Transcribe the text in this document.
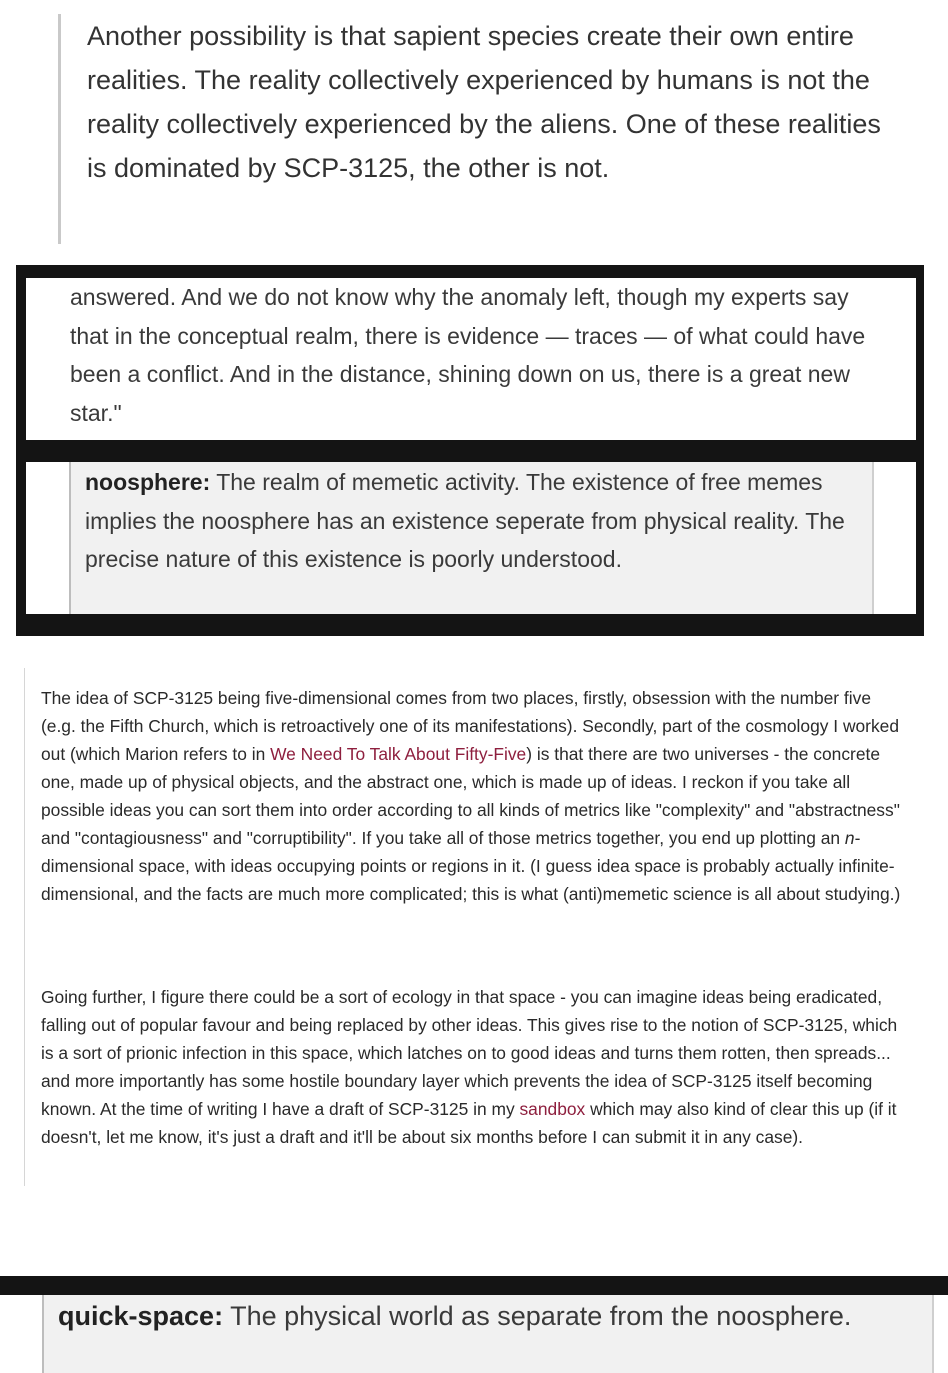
Another possibility is that sapient species create their own entire realities. The reality collectively experienced by humans is not the reality collectively experienced by the aliens. One of these realities is dominated by SCP-3125, the other is not.

answered. And we do not know why the anomaly left, though my experts say that in the conceptual realm, there is evidence — traces — of what could have been a conflict. And in the distance, shining down on us, there is a great new star."

noosphere: The realm of memetic activity. The existence of free memes implies the noosphere has an existence seperate from physical reality. The precise nature of this existence is poorly understood.

The idea of SCP-3125 being five-dimensional comes from two places, firstly, obsession with the number five (e.g. the Fifth Church, which is retroactively one of its manifestations). Secondly, part of the cosmology I worked out (which Marion refers to in We Need To Talk About Fifty-Five) is that there are two universes - the concrete one, made up of physical objects, and the abstract one, which is made up of ideas. I reckon if you take all possible ideas you can sort them into order according to all kinds of metrics like "complexity" and "abstractness" and "contagiousness" and "corruptibility". If you take all of those metrics together, you end up plotting an n-dimensional space, with ideas occupying points or regions in it. (I guess idea space is probably actually infinite-dimensional, and the facts are much more complicated; this is what (anti)memetic science is all about studying.)

Going further, I figure there could be a sort of ecology in that space - you can imagine ideas being eradicated, falling out of popular favour and being replaced by other ideas. This gives rise to the notion of SCP-3125, which is a sort of prionic infection in this space, which latches on to good ideas and turns them rotten, then spreads... and more importantly has some hostile boundary layer which prevents the idea of SCP-3125 itself becoming known. At the time of writing I have a draft of SCP-3125 in my sandbox which may also kind of clear this up (if it doesn't, let me know, it's just a draft and it'll be about six months before I can submit it in any case).

quick-space: The physical world as separate from the noosphere.
